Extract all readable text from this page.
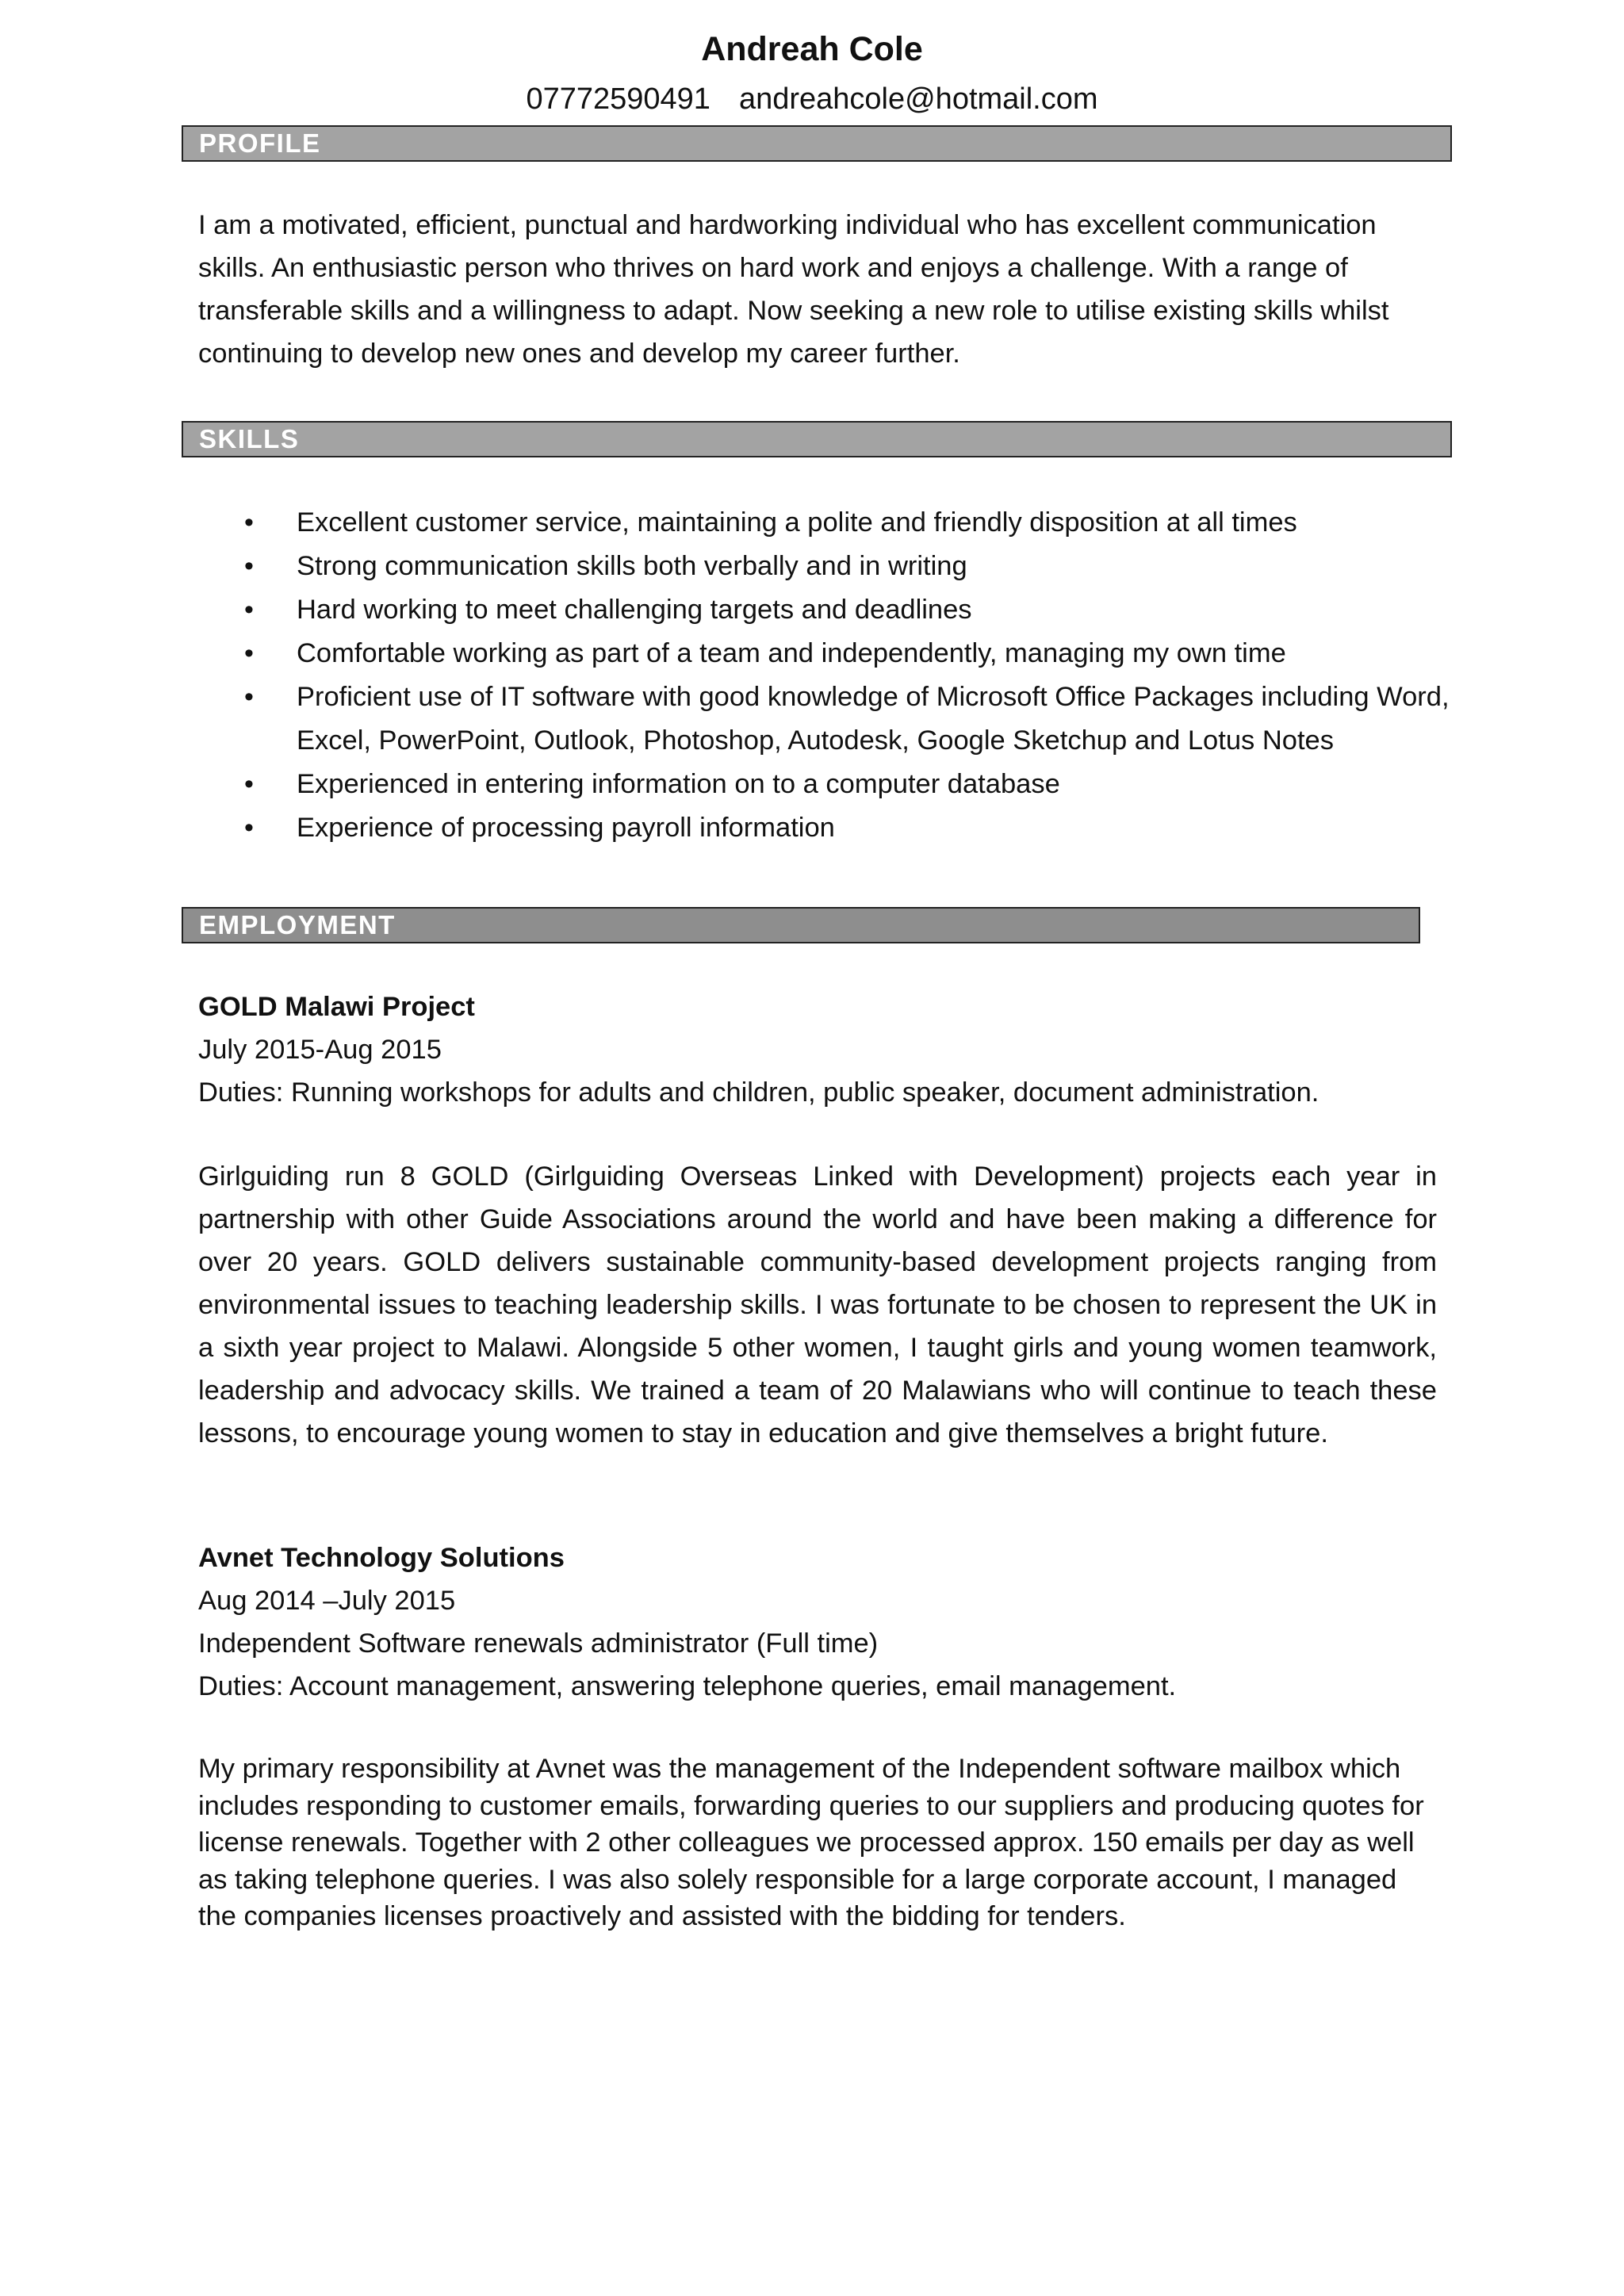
Andreah Cole
07772590491 andreahcole@hotmail.com
PROFILE

I am a motivated, efficient, punctual and hardworking individual who has excellent communication skills. An enthusiastic person who thrives on hard work and enjoys a challenge. With a range of transferable skills and a willingness to adapt. Now seeking a new role to utilise existing skills whilst continuing to develop new ones and develop my career further.

SKILLS
• Excellent customer service, maintaining a polite and friendly disposition at all times
• Strong communication skills both verbally and in writing
• Hard working to meet challenging targets and deadlines
• Comfortable working as part of a team and independently, managing my own time
• Proficient use of IT software with good knowledge of Microsoft Office Packages including Word, Excel, PowerPoint, Outlook, Photoshop, Autodesk, Google Sketchup and Lotus Notes
• Experienced in entering information on to a computer database
• Experience of processing payroll information
EMPLOYMENT
GOLD Malawi Project
July 2015-Aug 2015
Duties: Running workshops for adults and children, public speaker, document administration.

Girlguiding run 8 GOLD (Girlguiding Overseas Linked with Development) projects each year in partnership with other Guide Associations around the world and have been making a difference for over 20 years. GOLD delivers sustainable community-based development projects ranging from environmental issues to teaching leadership skills. I was fortunate to be chosen to represent the UK in a sixth year project to Malawi. Alongside 5 other women, I taught girls and young women teamwork, leadership and advocacy skills. We trained a team of 20 Malawians who will continue to teach these lessons, to encourage young women to stay in education and give themselves a bright future.

Avnet Technology Solutions
Aug 2014 –July 2015
Independent Software renewals administrator (Full time)
Duties: Account management, answering telephone queries, email management.

My primary responsibility at Avnet was the management of the Independent software mailbox which includes responding to customer emails, forwarding queries to our suppliers and producing quotes for license renewals. Together with 2 other colleagues we processed approx. 150 emails per day as well as taking telephone queries. I was also solely responsible for a large corporate account, I managed the companies licenses proactively and assisted with the bidding for tenders.
